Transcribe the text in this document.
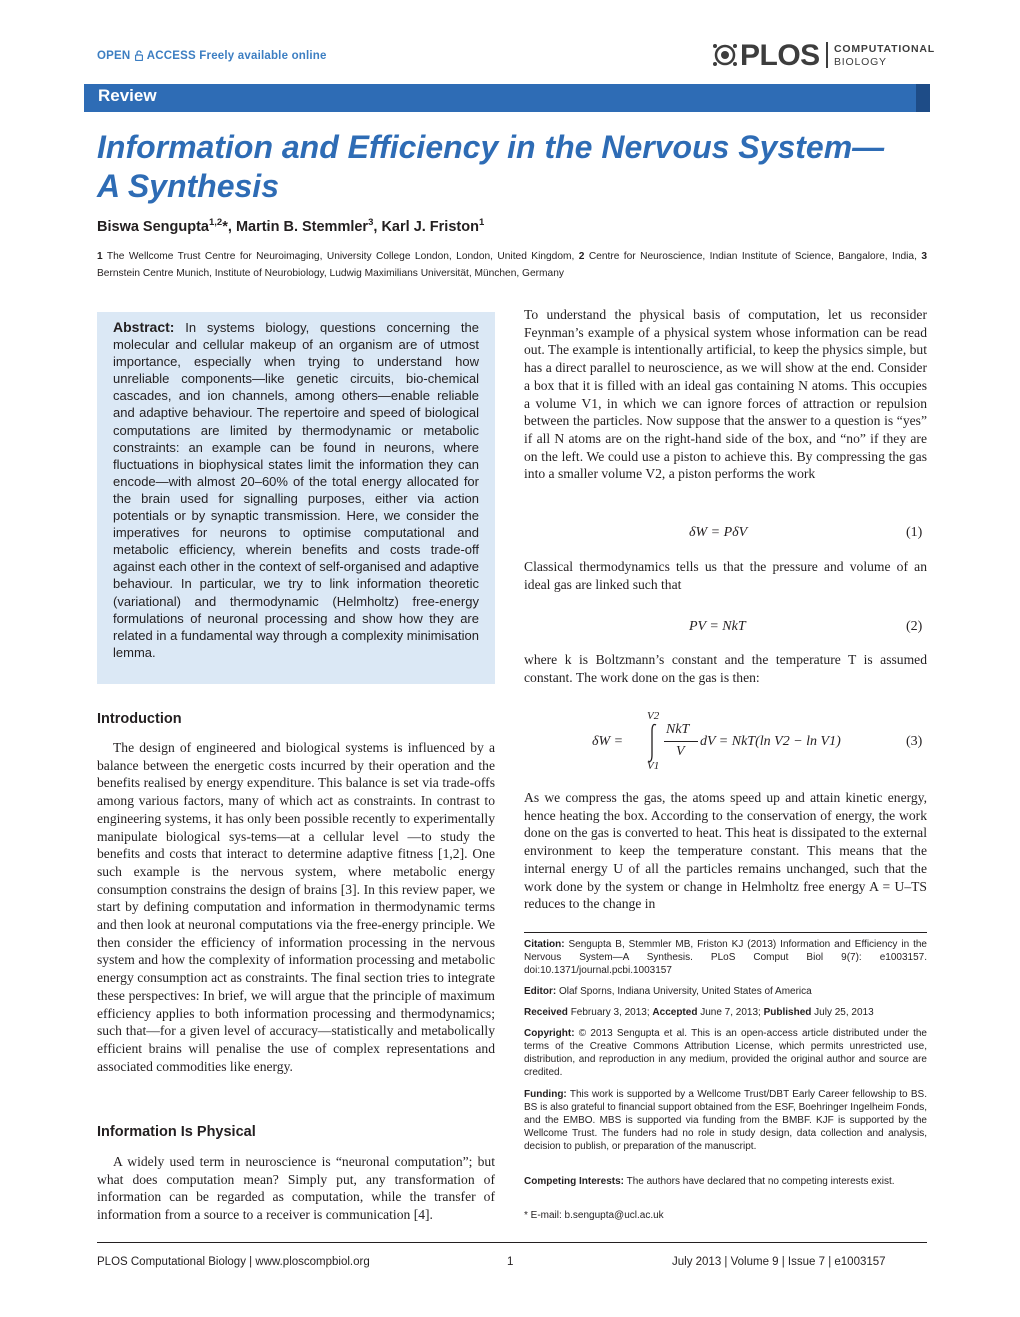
OPEN ACCESS Freely available online	PLOS COMPUTATIONAL
BIOLOGY
Review
Information and Efficiency in the Nervous System—
A Synthesis
Biswa Sengupta$^{1,2}$*, Martin B. Stemmler$^3$, Karl J. Friston$^1$
1 The Wellcome Trust Centre for Neuroimaging, University College London, London, United Kingdom, 2 Centre for Neuroscience, Indian Institute of Science, Bangalore, India, 3 Bernstein Centre Munich, Institute of Neurobiology, Ludwig Maximilians Universität, München, Germany
Abstract: In systems biology, questions concerning the molecular and cellular makeup of an organism are of utmost importance, especially when trying to understand how unreliable components—like genetic circuits, bio-chemical cascades, and ion channels, among others—enable reliable and adaptive behaviour. The repertoire and speed of biological computations are limited by thermodynamic or metabolic constraints: an example can be found in neurons, where fluctuations in biophysical states limit the information they can encode—with almost 20–60% of the total energy allocated for the brain used for signalling purposes, either via action potentials or by synaptic transmission. Here, we consider the imperatives for neurons to optimise computational and metabolic efficiency, wherein benefits and costs trade-off against each other in the context of self-organised and adaptive behaviour. In particular, we try to link information theoretic (variational) and thermodynamic (Helmholtz) free-energy formulations of neuronal processing and show how they are related in a fundamental way through a complexity minimisation lemma.
Introduction
The design of engineered and biological systems is influenced by a balance between the energetic costs incurred by their operation and the benefits realised by energy expenditure. This balance is set via trade-offs among various factors, many of which act as constraints. In contrast to engineering systems, it has only been possible recently to experimentally manipulate biological sys-tems—at a cellular level —to study the benefits and costs that interact to determine adaptive fitness [1,2]. One such example is the nervous system, where metabolic energy consumption constrains the design of brains [3]. In this review paper, we start by defining computation and information in thermodynamic terms and then look at neuronal computations via the free-energy principle. We then consider the efficiency of information processing in the nervous system and how the complexity of information processing and metabolic energy consumption act as constraints. The final section tries to integrate these perspectives: In brief, we will argue that the principle of maximum efficiency applies to both information processing and thermodynamics; such that—for a given level of accuracy—statistically and metabolically efficient brains will penalise the use of complex representations and associated commodities like energy.
Information Is Physical
A widely used term in neuroscience is “neuronal computation”; but what does computation mean? Simply put, any transformation of information can be regarded as computation, while the transfer of information from a source to a receiver is communication [4].
To understand the physical basis of computation, let us reconsider Feynman’s example of a physical system whose information can be read out. The example is intentionally artificial, to keep the physics simple, but has a direct parallel to neuroscience, as we will show at the end. Consider a box that it is filled with an ideal gas containing N atoms. This occupies a volume V1, in which we can ignore forces of attraction or repulsion between the particles. Now suppose that the answer to a question is “yes” if all N atoms are on the right-hand side of the box, and “no” if they are on the left. We could use a piston to achieve this. By compressing the gas into a smaller volume V2, a piston performs the work
δW = PδV	(1)
Classical thermodynamics tells us that the pressure and volume of an ideal gas are linked such that
PV = NkT	(2)
where k is Boltzmann’s constant and the temperature T is assumed constant. The work done on the gas is then:
δW =
V2
V1
NkT
V
dV = NkT(ln V2 − ln V1)	(3)
As we compress the gas, the atoms speed up and attain kinetic energy, hence heating the box. According to the conservation of energy, the work done on the gas is converted to heat. This heat is dissipated to the external environment to keep the temperature constant. This means that the internal energy U of all the particles remains unchanged, such that the work done by the system or change in Helmholtz free energy A = U–TS reduces to the change in
Citation: Sengupta B, Stemmler MB, Friston KJ (2013) Information and Efficiency in the Nervous System—A Synthesis. PLoS Comput Biol 9(7): e1003157. doi:10.1371/journal.pcbi.1003157
Editor: Olaf Sporns, Indiana University, United States of America
Received February 3, 2013; Accepted June 7, 2013; Published July 25, 2013
Copyright: © 2013 Sengupta et al. This is an open-access article distributed under the terms of the Creative Commons Attribution License, which permits unrestricted use, distribution, and reproduction in any medium, provided the original author and source are credited.
Funding: This work is supported by a Wellcome Trust/DBT Early Career fellowship to BS. BS is also grateful to financial support obtained from the ESF, Boehringer Ingelheim Fonds, and the EMBO. MBS is supported via funding from the BMBF. KJF is supported by the Wellcome Trust. The funders had no role in study design, data collection and analysis, decision to publish, or preparation of the manuscript.
Competing Interests: The authors have declared that no competing interests exist.
* E-mail: b.sengupta@ucl.ac.uk
PLOS Computational Biology | www.ploscompbiol.org	1	July 2013 | Volume 9 | Issue 7 | e1003157
